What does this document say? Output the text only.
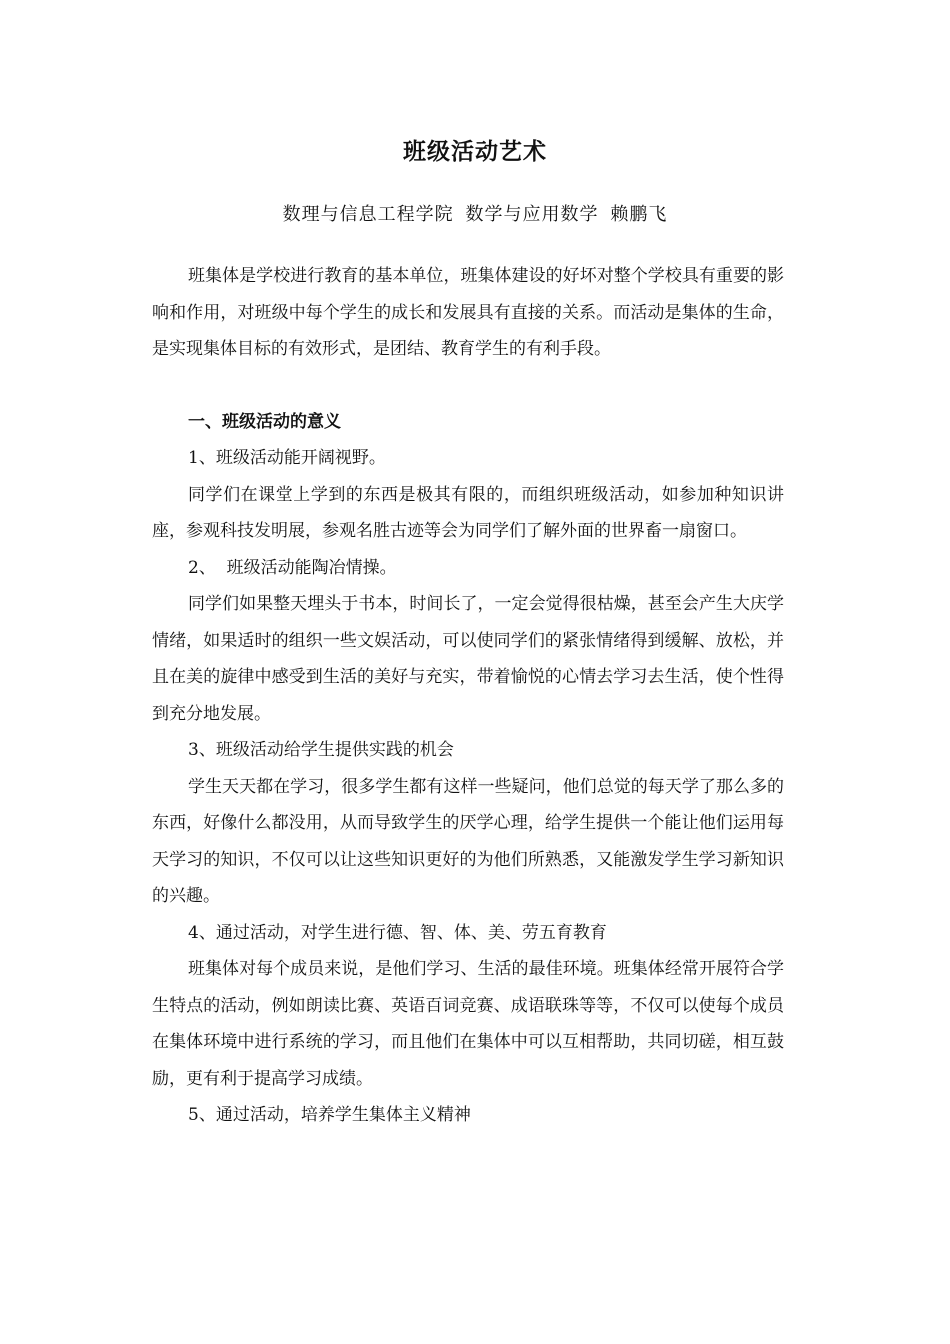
班级活动艺术
数理与信息工程学院 数学与应用数学 赖鹏飞

班集体是学校进行教育的基本单位，班集体建设的好坏对整个学校具有重要的影响和作用，对班级中每个学生的成长和发展具有直接的关系。而活动是集体的生命，是实现集体目标的有效形式，是团结、教育学生的有利手段。

一、班级活动的意义

1、班级活动能开阔视野。

同学们在课堂上学到的东西是极其有限的，而组织班级活动，如参加种知识讲座，参观科技发明展，参观名胜古迹等会为同学们了解外面的世界畜一扇窗口。

2、  班级活动能陶冶情操。

同学们如果整天埋头于书本，时间长了，一定会觉得很枯燥，甚至会产生大庆学情绪，如果适时的组织一些文娱活动，可以使同学们的紧张情绪得到缓解、放松，并且在美的旋律中感受到生活的美好与充实，带着愉悦的心情去学习去生活，使个性得到充分地发展。

3、班级活动给学生提供实践的机会

学生天天都在学习，很多学生都有这样一些疑问，他们总觉的每天学了那么多的东西，好像什么都没用，从而导致学生的厌学心理，给学生提供一个能让他们运用每天学习的知识，不仅可以让这些知识更好的为他们所熟悉，又能激发学生学习新知识的兴趣。

4、通过活动，对学生进行德、智、体、美、劳五育教育

班集体对每个成员来说，是他们学习、生活的最佳环境。班集体经常开展符合学生特点的活动，例如朗读比赛、英语百词竞赛、成语联珠等等，不仅可以使每个成员在集体环境中进行系统的学习，而且他们在集体中可以互相帮助，共同切磋，相互鼓励，更有利于提高学习成绩。

5、通过活动，培养学生集体主义精神
